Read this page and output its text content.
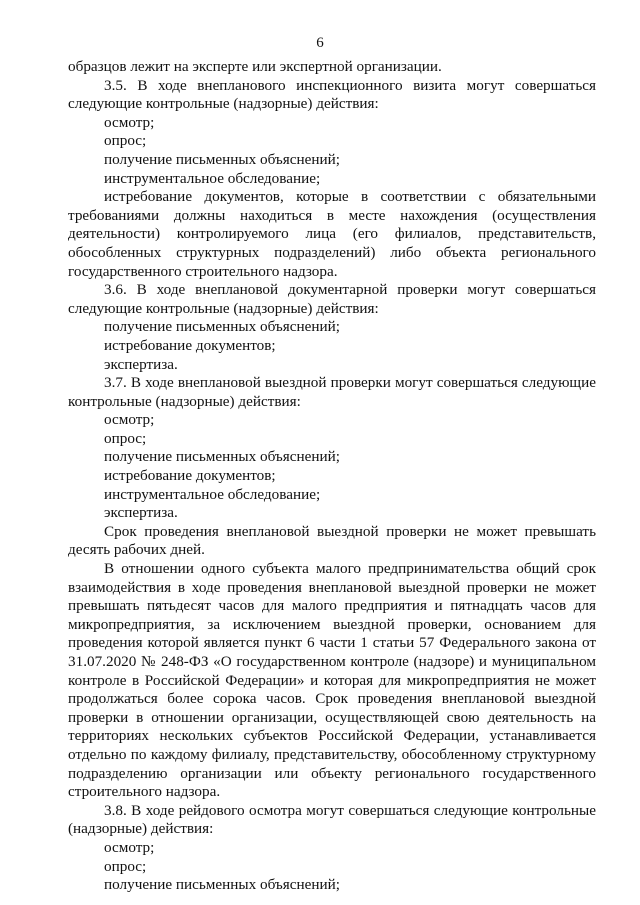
6

образцов лежит на эксперте или экспертной организации.

3.5. В ходе внепланового инспекционного визита могут совершаться следующие контрольные (надзорные) действия:

осмотр;

опрос;

получение письменных объяснений;

инструментальное обследование;

истребование документов, которые в соответствии с обязательными требованиями должны находиться в месте нахождения (осуществления деятельности) контролируемого лица (его филиалов, представительств, обособленных структурных подразделений) либо объекта регионального государственного строительного надзора.

3.6. В ходе внеплановой документарной проверки могут совершаться следующие контрольные (надзорные) действия:

получение письменных объяснений;

истребование документов;

экспертиза.

3.7. В ходе внеплановой выездной проверки могут совершаться следующие контрольные (надзорные) действия:

осмотр;

опрос;

получение письменных объяснений;

истребование документов;

инструментальное обследование;

экспертиза.

Срок проведения внеплановой выездной проверки не может превышать десять рабочих дней.

В отношении одного субъекта малого предпринимательства общий срок взаимодействия в ходе проведения внеплановой выездной проверки не может превышать пятьдесят часов для малого предприятия и пятнадцать часов для микропредприятия, за исключением выездной проверки, основанием для проведения которой является пункт 6 части 1 статьи 57 Федерального закона от 31.07.2020 № 248-ФЗ «О государственном контроле (надзоре) и муниципальном контроле в Российской Федерации» и которая для микропредприятия не может продолжаться более сорока часов. Срок проведения внеплановой выездной проверки в отношении организации, осуществляющей свою деятельность на территориях нескольких субъектов Российской Федерации, устанавливается отдельно по каждому филиалу, представительству, обособленному структурному подразделению организации или объекту регионального государственного строительного надзора.

3.8. В ходе рейдового осмотра могут совершаться следующие контрольные (надзорные) действия:

осмотр;

опрос;

получение письменных объяснений;
